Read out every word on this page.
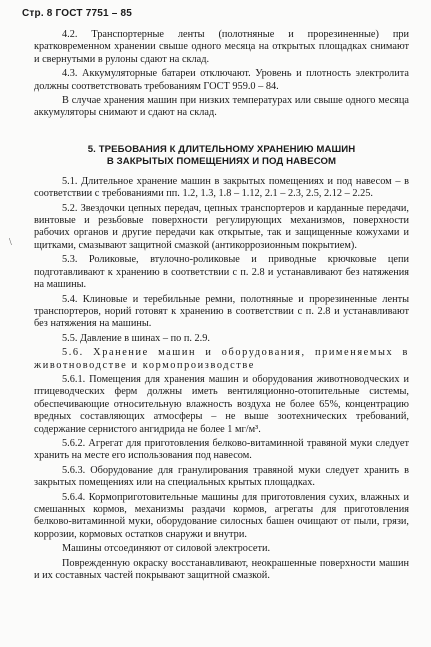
Стр. 8 ГОСТ 7751 – 85

4.2. Транспортерные ленты (полотняные и прорезиненные) при кратковременном хранении свыше одного месяца на открытых площадках снимают и свернутыми в рулоны сдают на склад.

4.3. Аккумуляторные батареи отключают. Уровень и плотность электролита должны соответствовать требованиям ГОСТ 959.0 – 84.

В случае хранения машин при низких температурах или свыше одного месяца аккумуляторы снимают и сдают на склад.

5. ТРЕБОВАНИЯ К ДЛИТЕЛЬНОМУ ХРАНЕНИЮ МАШИН
В ЗАКРЫТЫХ ПОМЕЩЕНИЯХ И ПОД НАВЕСОМ

5.1. Длительное хранение машин в закрытых помещениях и под навесом – в соответствии с требованиями пп. 1.2, 1.3, 1.8 – 1.12, 2.1 – 2.3, 2.5, 2.12 – 2.25.

5.2. Звездочки цепных передач, цепных транспортеров и карданные передачи, винтовые и резьбовые поверхности регулирующих механизмов, поверхности рабочих органов и другие передачи как открытые, так и защищенные кожухами и щитками, смазывают защитной смазкой (антикоррозионным покрытием).

5.3. Роликовые, втулочно-роликовые и приводные крючковые цепи подготавливают к хранению в соответствии с п. 2.8 и устанавливают без натяжения на машины.

5.4. Клиновые и теребильные ремни, полотняные и прорезиненные ленты транспортеров, норий готовят к хранению в соответствии с п. 2.8 и устанавливают без натяжения на машины.

5.5. Давление в шинах – по п. 2.9.

5.6. Хранение машин и оборудования, применяемых в животноводстве и кормопроизводстве

5.6.1. Помещения для хранения машин и оборудования животноводческих и птицеводческих ферм должны иметь вентиляционно-отопительные системы, обеспечивающие относительную влажность воздуха не более 65%, концентрацию вредных составляющих атмосферы – не выше зоотехнических требований, содержание сернистого ангидрида не более 1 мг/м³.

5.6.2. Агрегат для приготовления белково-витаминной травяной муки следует хранить на месте его использования под навесом.

5.6.3. Оборудование для гранулирования травяной муки следует хранить в закрытых помещениях или на специальных крытых площадках.

5.6.4. Кормоприготовительные машины для приготовления сухих, влажных и смешанных кормов, механизмы раздачи кормов, агрегаты для приготовления белково-витаминной муки, оборудование силосных башен очищают от пыли, грязи, коррозии, кормовых остатков снаружи и внутри.

Машины отсоединяют от силовой электросети.

Поврежденную окраску восстанавливают, неокрашенные поверхности машин и их составных частей покрывают защитной смазкой.

\
